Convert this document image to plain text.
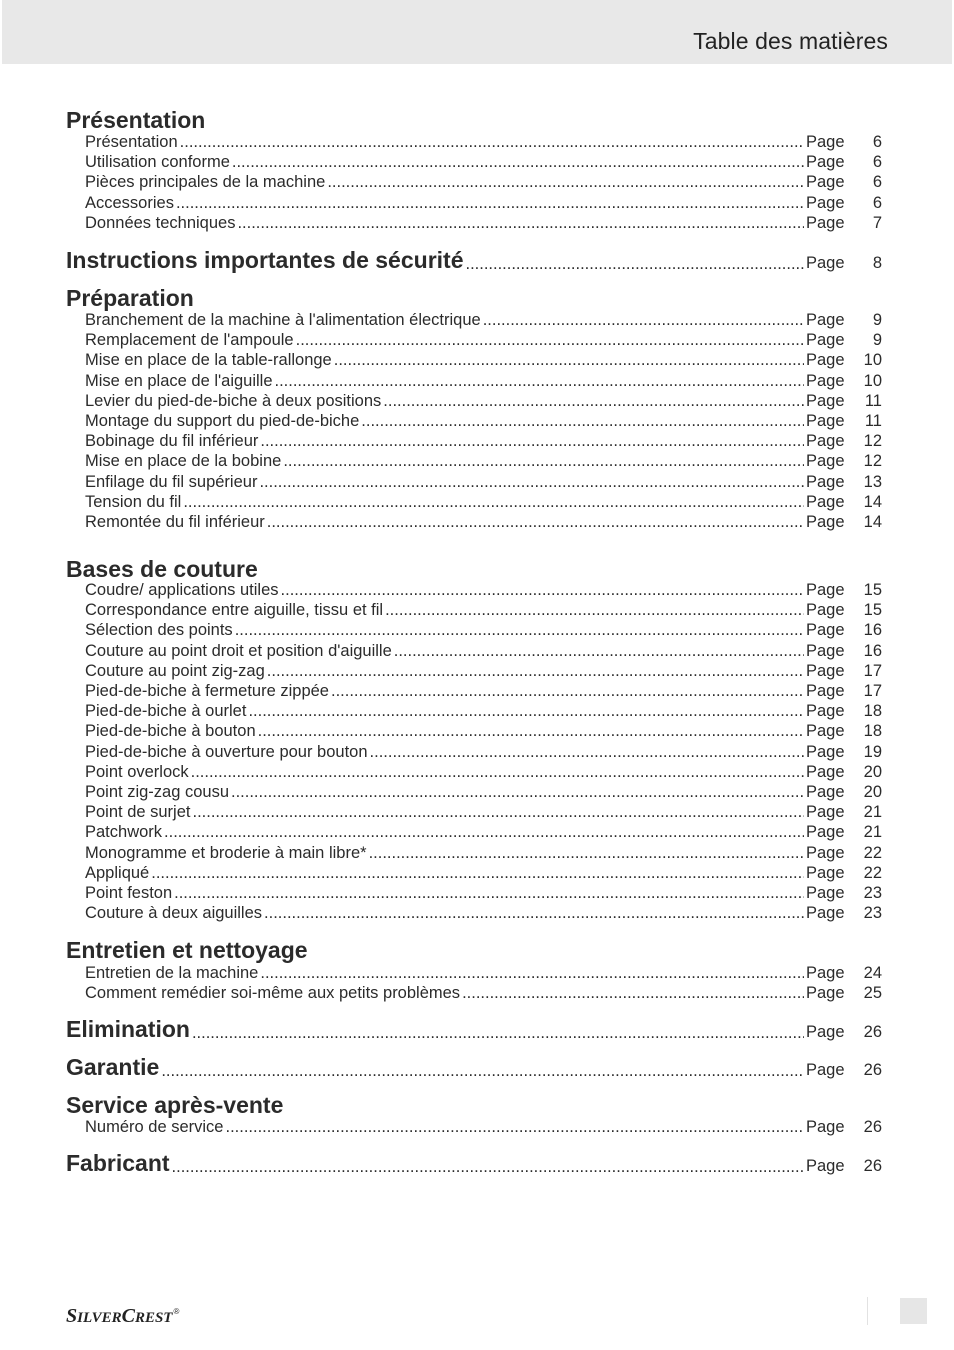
Table des matières
Présentation
Présentation .....	Page	6
Utilisation conforme .....	Page	6
Pièces principales de la machine .....	Page	6
Accessories .....	Page	6
Données techniques .....	Page	7
Instructions importantes de sécurité .....	Page	8
Préparation
Branchement de la machine à l'alimentation électrique .....	Page	9
Remplacement de l'ampoule .....	Page	9
Mise en place de la table-rallonge .....	Page	10
Mise en place de l'aiguille .....	Page	10
Levier du pied-de-biche à deux positions .....	Page	11
Montage du support du pied-de-biche .....	Page	11
Bobinage du fil inférieur .....	Page	12
Mise en place de la bobine .....	Page	12
Enfilage du fil supérieur .....	Page	13
Tension du fil .....	Page	14
Remontée du fil inférieur .....	Page	14
Bases de couture
Coudre/ applications utiles .....	Page	15
Correspondance entre aiguille, tissu et fil .....	Page	15
Sélection des points .....	Page	16
Couture au point droit et position d'aiguille .....	Page	16
Couture au point zig-zag .....	Page	17
Pied-de-biche à fermeture zippée .....	Page	17
Pied-de-biche à ourlet .....	Page	18
Pied-de-biche à bouton .....	Page	18
Pied-de-biche à ouverture pour bouton .....	Page	19
Point overlock .....	Page	20
Point zig-zag cousu .....	Page	20
Point de surjet .....	Page	21
Patchwork .....	Page	21
Monogramme et broderie à main libre* .....	Page	22
Appliqué .....	Page	22
Point feston .....	Page	23
Couture à deux aiguilles .....	Page	23
Entretien et nettoyage
Entretien de la machine .....	Page	24
Comment remédier soi-même aux petits problèmes .....	Page	25
Elimination .....	Page	26
Garantie .....	Page	26
Service après-vente
Numéro de service .....	Page	26
Fabricant .....	Page	26
S ILVER C REST ®
